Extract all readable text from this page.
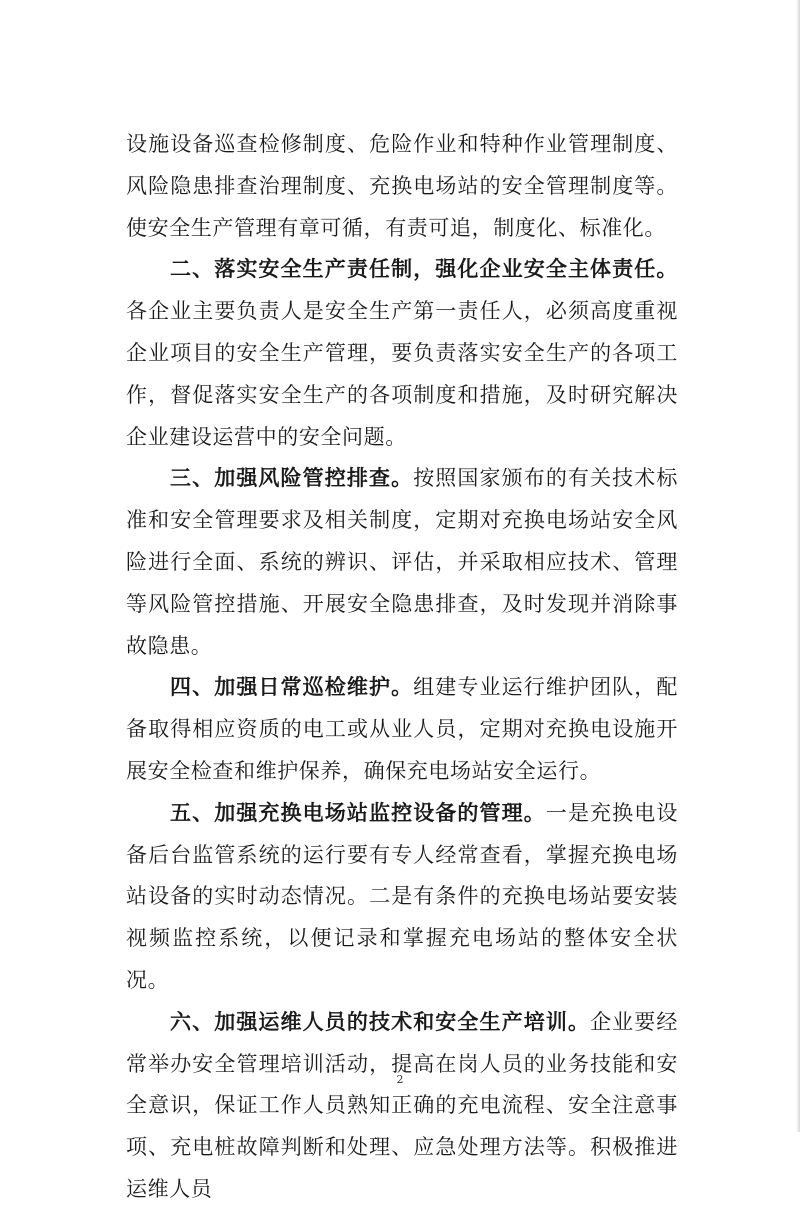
设施设备巡查检修制度、危险作业和特种作业管理制度、风险隐患排查治理制度、充换电场站的安全管理制度等。使安全生产管理有章可循，有责可追，制度化、标准化。

二、落实安全生产责任制，强化企业安全主体责任。各企业主要负责人是安全生产第一责任人，必须高度重视企业项目的安全生产管理，要负责落实安全生产的各项工作，督促落实安全生产的各项制度和措施，及时研究解决企业建设运营中的安全问题。

三、加强风险管控排查。按照国家颁布的有关技术标准和安全管理要求及相关制度，定期对充换电场站安全风险进行全面、系统的辨识、评估，并采取相应技术、管理等风险管控措施、开展安全隐患排查，及时发现并消除事故隐患。

四、加强日常巡检维护。组建专业运行维护团队，配备取得相应资质的电工或从业人员，定期对充换电设施开展安全检查和维护保养，确保充电场站安全运行。

五、加强充换电场站监控设备的管理。一是充换电设备后台监管系统的运行要有专人经常查看，掌握充换电场站设备的实时动态情况。二是有条件的充换电场站要安装视频监控系统，以便记录和掌握充电场站的整体安全状况。

六、加强运维人员的技术和安全生产培训。企业要经常举办安全管理培训活动，提高在岗人员的业务技能和安全意识，保证工作人员熟知正确的充电流程、安全注意事项、充电桩故障判断和处理、应急处理方法等。积极推进运维人员

2
